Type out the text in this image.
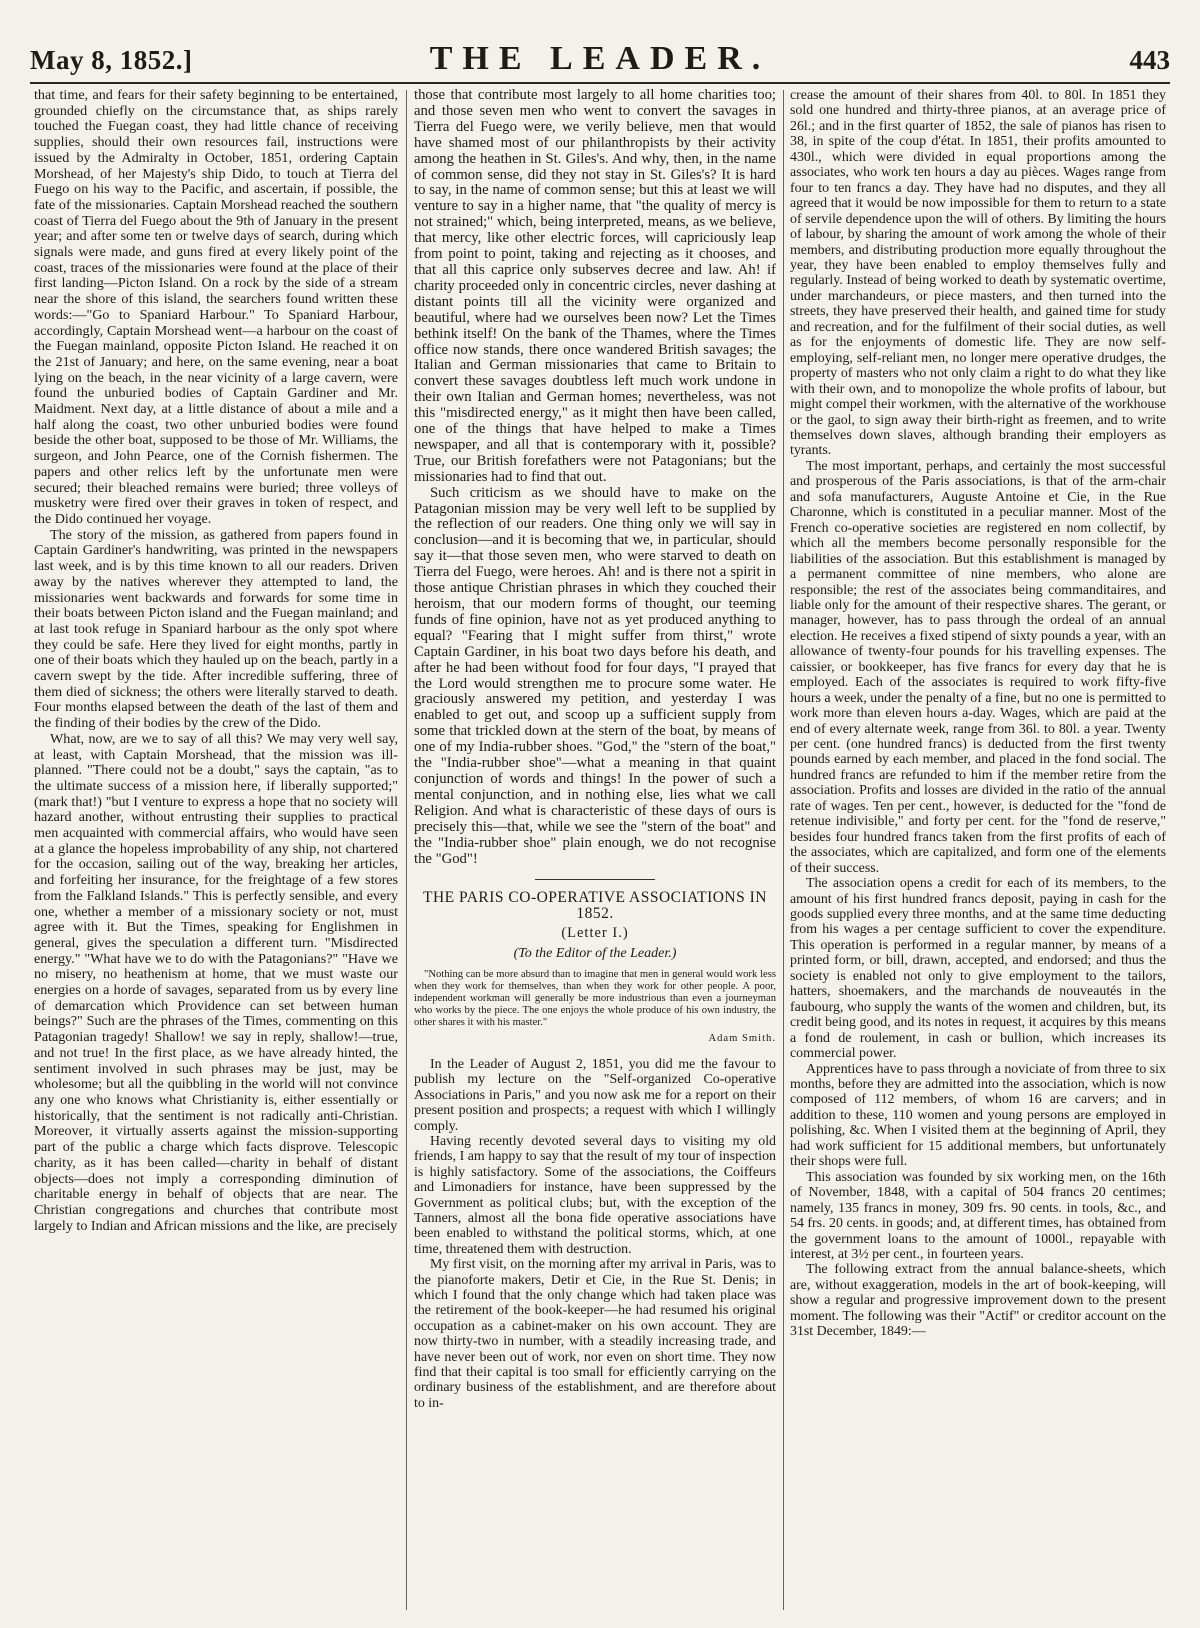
May 8, 1852.]	THE LEADER.	443

that time, and fears for their safety beginning to be entertained, grounded chiefly on the circumstance that, as ships rarely touched the Fuegan coast, they had little chance of receiving supplies, should their own resources fail, instructions were issued by the Admiralty in October, 1851, ordering Captain Morshead, of her Majesty's ship Dido, to touch at Tierra del Fuego on his way to the Pacific, and ascertain, if possible, the fate of the missionaries. Captain Morshead reached the southern coast of Tierra del Fuego about the 9th of January in the present year; and after some ten or twelve days of search, during which signals were made, and guns fired at every likely point of the coast, traces of the missionaries were found at the place of their first landing—Picton Island. On a rock by the side of a stream near the shore of this island, the searchers found written these words:—"Go to Spaniard Harbour." To Spaniard Harbour, accordingly, Captain Morshead went—a harbour on the coast of the Fuegan mainland, opposite Picton Island. He reached it on the 21st of January; and here, on the same evening, near a boat lying on the beach, in the near vicinity of a large cavern, were found the unburied bodies of Captain Gardiner and Mr. Maidment. Next day, at a little distance of about a mile and a half along the coast, two other unburied bodies were found beside the other boat, supposed to be those of Mr. Williams, the surgeon, and John Pearce, one of the Cornish fishermen. The papers and other relics left by the unfortunate men were secured; their bleached remains were buried; three volleys of musketry were fired over their graves in token of respect, and the Dido continued her voyage.

The story of the mission, as gathered from papers found in Captain Gardiner's handwriting, was printed in the newspapers last week, and is by this time known to all our readers. Driven away by the natives wherever they attempted to land, the missionaries went backwards and forwards for some time in their boats between Picton island and the Fuegan mainland; and at last took refuge in Spaniard harbour as the only spot where they could be safe. Here they lived for eight months, partly in one of their boats which they hauled up on the beach, partly in a cavern swept by the tide. After incredible suffering, three of them died of sickness; the others were literally starved to death. Four months elapsed between the death of the last of them and the finding of their bodies by the crew of the Dido.

What, now, are we to say of all this? We may very well say, at least, with Captain Morshead, that the mission was ill-planned. "There could not be a doubt," says the captain, "as to the ultimate success of a mission here, if liberally supported;" (mark that!) "but I venture to express a hope that no society will hazard another, without entrusting their supplies to practical men acquainted with commercial affairs, who would have seen at a glance the hopeless improbability of any ship, not chartered for the occasion, sailing out of the way, breaking her articles, and forfeiting her insurance, for the freightage of a few stores from the Falkland Islands." This is perfectly sensible, and every one, whether a member of a missionary society or not, must agree with it. But the Times, speaking for Englishmen in general, gives the speculation a different turn. "Misdirected energy." "What have we to do with the Patagonians?" "Have we no misery, no heathenism at home, that we must waste our energies on a horde of savages, separated from us by every line of demarcation which Providence can set between human beings?" Such are the phrases of the Times, commenting on this Patagonian tragedy! Shallow! we say in reply, shallow!—true, and not true! In the first place, as we have already hinted, the sentiment involved in such phrases may be just, may be wholesome; but all the quibbling in the world will not convince any one who knows what Christianity is, either essentially or historically, that the sentiment is not radically anti-Christian. Moreover, it virtually asserts against the mission-supporting part of the public a charge which facts disprove. Telescopic charity, as it has been called—charity in behalf of distant objects—does not imply a corresponding diminution of charitable energy in behalf of objects that are near. The Christian congregations and churches that contribute most largely to Indian and African missions and the like, are precisely

those that contribute most largely to all home charities too; and those seven men who went to convert the savages in Tierra del Fuego were, we verily believe, men that would have shamed most of our philanthropists by their activity among the heathen in St. Giles's. And why, then, in the name of common sense, did they not stay in St. Giles's? It is hard to say, in the name of common sense; but this at least we will venture to say in a higher name, that "the quality of mercy is not strained;" which, being interpreted, means, as we believe, that mercy, like other electric forces, will capriciously leap from point to point, taking and rejecting as it chooses, and that all this caprice only subserves decree and law. Ah! if charity proceeded only in concentric circles, never dashing at distant points till all the vicinity were organized and beautiful, where had we ourselves been now? Let the Times bethink itself! On the bank of the Thames, where the Times office now stands, there once wandered British savages; the Italian and German missionaries that came to Britain to convert these savages doubtless left much work undone in their own Italian and German homes; nevertheless, was not this "misdirected energy," as it might then have been called, one of the things that have helped to make a Times newspaper, and all that is contemporary with it, possible? True, our British forefathers were not Patagonians; but the missionaries had to find that out.

Such criticism as we should have to make on the Patagonian mission may be very well left to be supplied by the reflection of our readers. One thing only we will say in conclusion—and it is becoming that we, in particular, should say it—that those seven men, who were starved to death on Tierra del Fuego, were heroes. Ah! and is there not a spirit in those antique Christian phrases in which they couched their heroism, that our modern forms of thought, our teeming funds of fine opinion, have not as yet produced anything to equal? "Fearing that I might suffer from thirst," wrote Captain Gardiner, in his boat two days before his death, and after he had been without food for four days, "I prayed that the Lord would strengthen me to procure some water. He graciously answered my petition, and yesterday I was enabled to get out, and scoop up a sufficient supply from some that trickled down at the stern of the boat, by means of one of my India-rubber shoes. "God," the "stern of the boat," the "India-rubber shoe"—what a meaning in that quaint conjunction of words and things! In the power of such a mental conjunction, and in nothing else, lies what we call Religion. And what is characteristic of these days of ours is precisely this—that, while we see the "stern of the boat" and the "India-rubber shoe" plain enough, we do not recognise the "God"!

THE PARIS CO-OPERATIVE ASSOCIATIONS IN 1852.
(Letter I.)
(To the Editor of the Leader.)

"Nothing can be more absurd than to imagine that men in general would work less when they work for themselves, than when they work for other people. A poor, independent workman will generally be more industrious than even a journeyman who works by the piece. The one enjoys the whole produce of his own industry, the other shares it with his master."

Adam Smith.

In the Leader of August 2, 1851, you did me the favour to publish my lecture on the "Self-organized Co-operative Associations in Paris," and you now ask me for a report on their present position and prospects; a request with which I willingly comply.

Having recently devoted several days to visiting my old friends, I am happy to say that the result of my tour of inspection is highly satisfactory. Some of the associations, the Coiffeurs and Limonadiers for instance, have been suppressed by the Government as political clubs; but, with the exception of the Tanners, almost all the bona fide operative associations have been enabled to withstand the political storms, which, at one time, threatened them with destruction.

My first visit, on the morning after my arrival in Paris, was to the pianoforte makers, Detir et Cie, in the Rue St. Denis; in which I found that the only change which had taken place was the retirement of the book-keeper—he had resumed his original occupation as a cabinet-maker on his own account. They are now thirty-two in number, with a steadily increasing trade, and have never been out of work, nor even on short time. They now find that their capital is too small for efficiently carrying on the ordinary business of the establishment, and are therefore about to in-

crease the amount of their shares from 40l. to 80l. In 1851 they sold one hundred and thirty-three pianos, at an average price of 26l.; and in the first quarter of 1852, the sale of pianos has risen to 38, in spite of the coup d'état. In 1851, their profits amounted to 430l., which were divided in equal proportions among the associates, who work ten hours a day au pièces. Wages range from four to ten francs a day. They have had no disputes, and they all agreed that it would be now impossible for them to return to a state of servile dependence upon the will of others. By limiting the hours of labour, by sharing the amount of work among the whole of their members, and distributing production more equally throughout the year, they have been enabled to employ themselves fully and regularly. Instead of being worked to death by systematic overtime, under marchandeurs, or piece masters, and then turned into the streets, they have preserved their health, and gained time for study and recreation, and for the fulfilment of their social duties, as well as for the enjoyments of domestic life. They are now self-employing, self-reliant men, no longer mere operative drudges, the property of masters who not only claim a right to do what they like with their own, and to monopolize the whole profits of labour, but might compel their workmen, with the alternative of the workhouse or the gaol, to sign away their birth-right as freemen, and to write themselves down slaves, although branding their employers as tyrants.

The most important, perhaps, and certainly the most successful and prosperous of the Paris associations, is that of the arm-chair and sofa manufacturers, Auguste Antoine et Cie, in the Rue Charonne, which is constituted in a peculiar manner. Most of the French co-operative societies are registered en nom collectif, by which all the members become personally responsible for the liabilities of the association. But this establishment is managed by a permanent committee of nine members, who alone are responsible; the rest of the associates being commanditaires, and liable only for the amount of their respective shares. The gerant, or manager, however, has to pass through the ordeal of an annual election. He receives a fixed stipend of sixty pounds a year, with an allowance of twenty-four pounds for his travelling expenses. The caissier, or bookkeeper, has five francs for every day that he is employed. Each of the associates is required to work fifty-five hours a week, under the penalty of a fine, but no one is permitted to work more than eleven hours a-day. Wages, which are paid at the end of every alternate week, range from 36l. to 80l. a year. Twenty per cent. (one hundred francs) is deducted from the first twenty pounds earned by each member, and placed in the fond social. The hundred francs are refunded to him if the member retire from the association. Profits and losses are divided in the ratio of the annual rate of wages. Ten per cent., however, is deducted for the "fond de retenue indivisible," and forty per cent. for the "fond de reserve," besides four hundred francs taken from the first profits of each of the associates, which are capitalized, and form one of the elements of their success.

The association opens a credit for each of its members, to the amount of his first hundred francs deposit, paying in cash for the goods supplied every three months, and at the same time deducting from his wages a per centage sufficient to cover the expenditure. This operation is performed in a regular manner, by means of a printed form, or bill, drawn, accepted, and endorsed; and thus the society is enabled not only to give employment to the tailors, hatters, shoemakers, and the marchands de nouveautés in the faubourg, who supply the wants of the women and children, but, its credit being good, and its notes in request, it acquires by this means a fond de roulement, in cash or bullion, which increases its commercial power.

Apprentices have to pass through a noviciate of from three to six months, before they are admitted into the association, which is now composed of 112 members, of whom 16 are carvers; and in addition to these, 110 women and young persons are employed in polishing, &c. When I visited them at the beginning of April, they had work sufficient for 15 additional members, but unfortunately their shops were full.

This association was founded by six working men, on the 16th of November, 1848, with a capital of 504 francs 20 centimes; namely, 135 francs in money, 309 frs. 90 cents. in tools, &c., and 54 frs. 20 cents. in goods; and, at different times, has obtained from the government loans to the amount of 1000l., repayable with interest, at 3½ per cent., in fourteen years.

The following extract from the annual balance-sheets, which are, without exaggeration, models in the art of book-keeping, will show a regular and progressive improvement down to the present moment. The following was their "Actif" or creditor account on the 31st December, 1849:—
